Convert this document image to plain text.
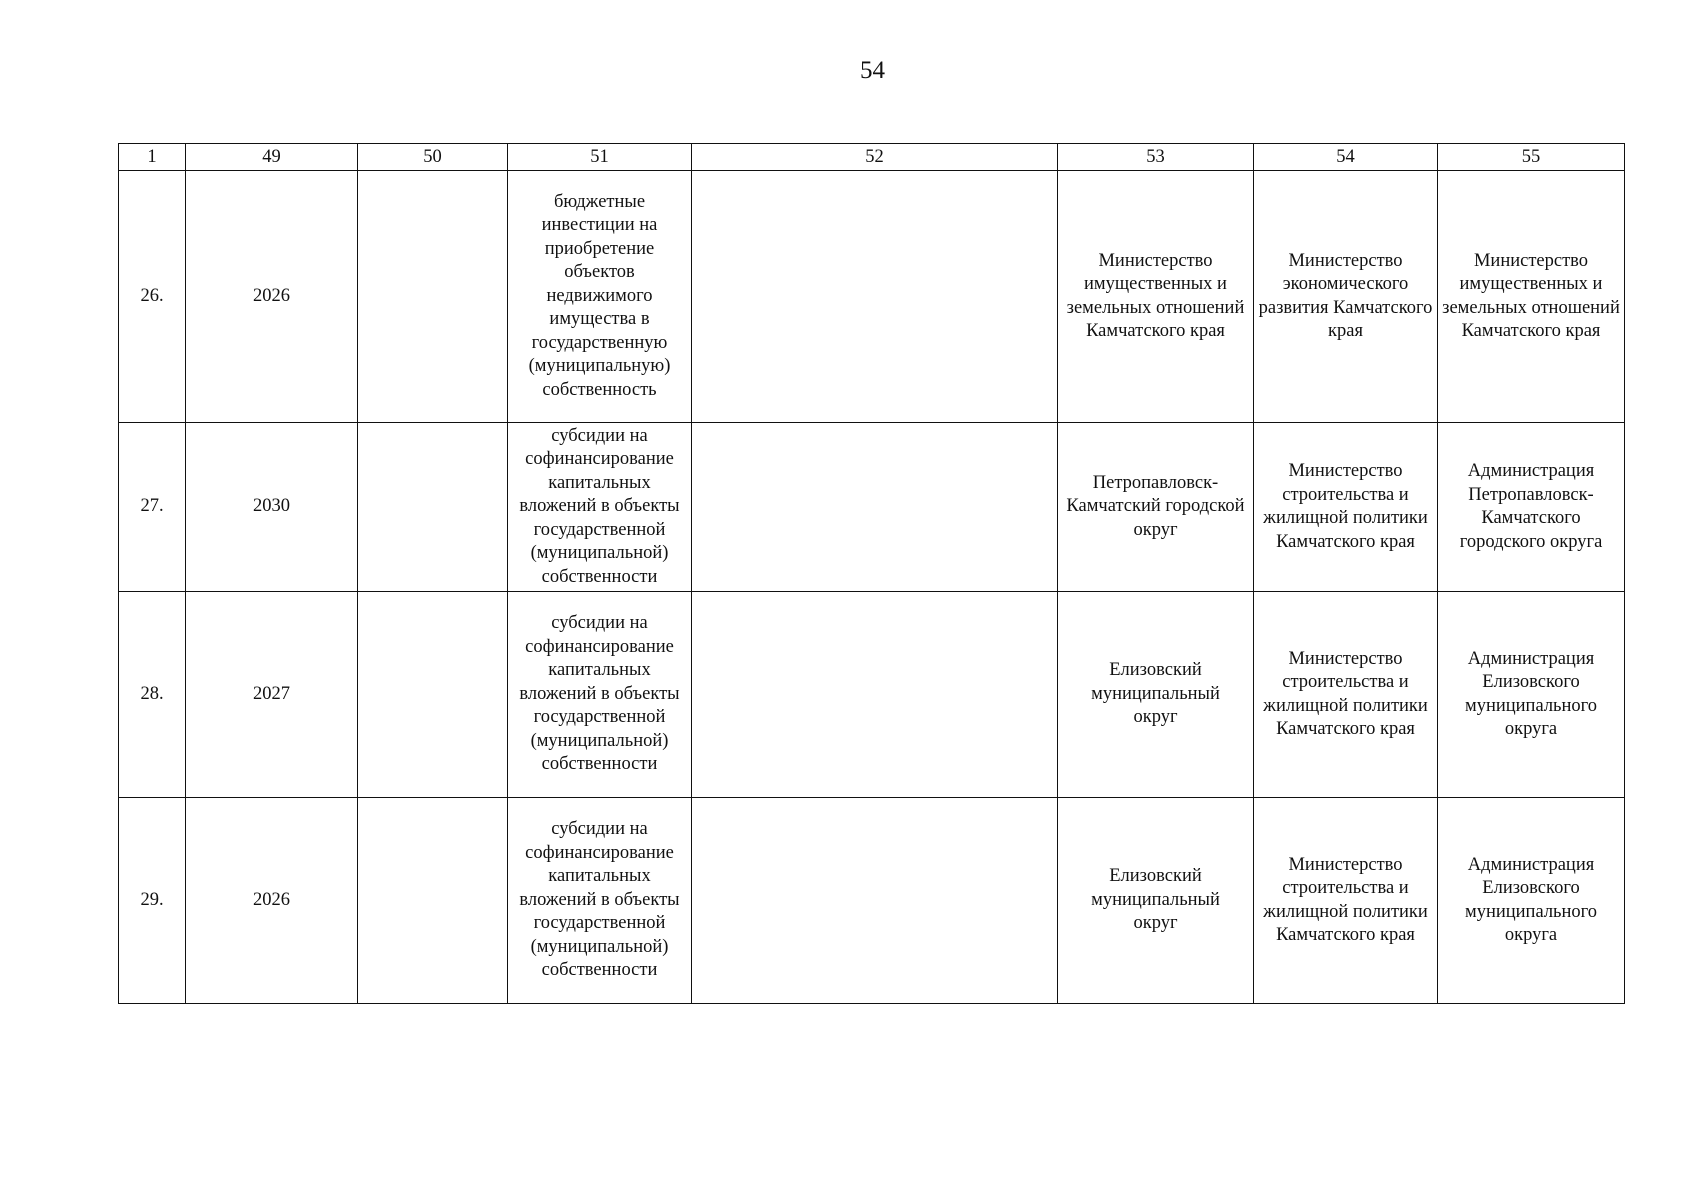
54
1	49	50	51	52	53	54	55
26.	2026		бюджетные инвестиции на приобретение объектов недвижимого имущества в государственную (муниципальную) собственность		Министерство имущественных и земельных отношений Камчатского края	Министерство экономического развития Камчатского края	Министерство имущественных и земельных отношений Камчатского края

27.	2030		субсидии на софинансирование капитальных вложений в объекты государственной (муниципальной) собственности		Петропавловск-Камчатский городской округ	Министерство строительства и жилищной политики Камчатского края	Администрация Петропавловск-Камчатского городского округа

28.	2027		субсидии на софинансирование капитальных вложений в объекты государственной (муниципальной) собственности		Елизовский муниципальный округ	Министерство строительства и жилищной политики Камчатского края	Администрация Елизовского муниципального округа

29.	2026		субсидии на софинансирование капитальных вложений в объекты государственной (муниципальной) собственности		Елизовский муниципальный округ	Министерство строительства и жилищной политики Камчатского края	Администрация Елизовского муниципального округа
